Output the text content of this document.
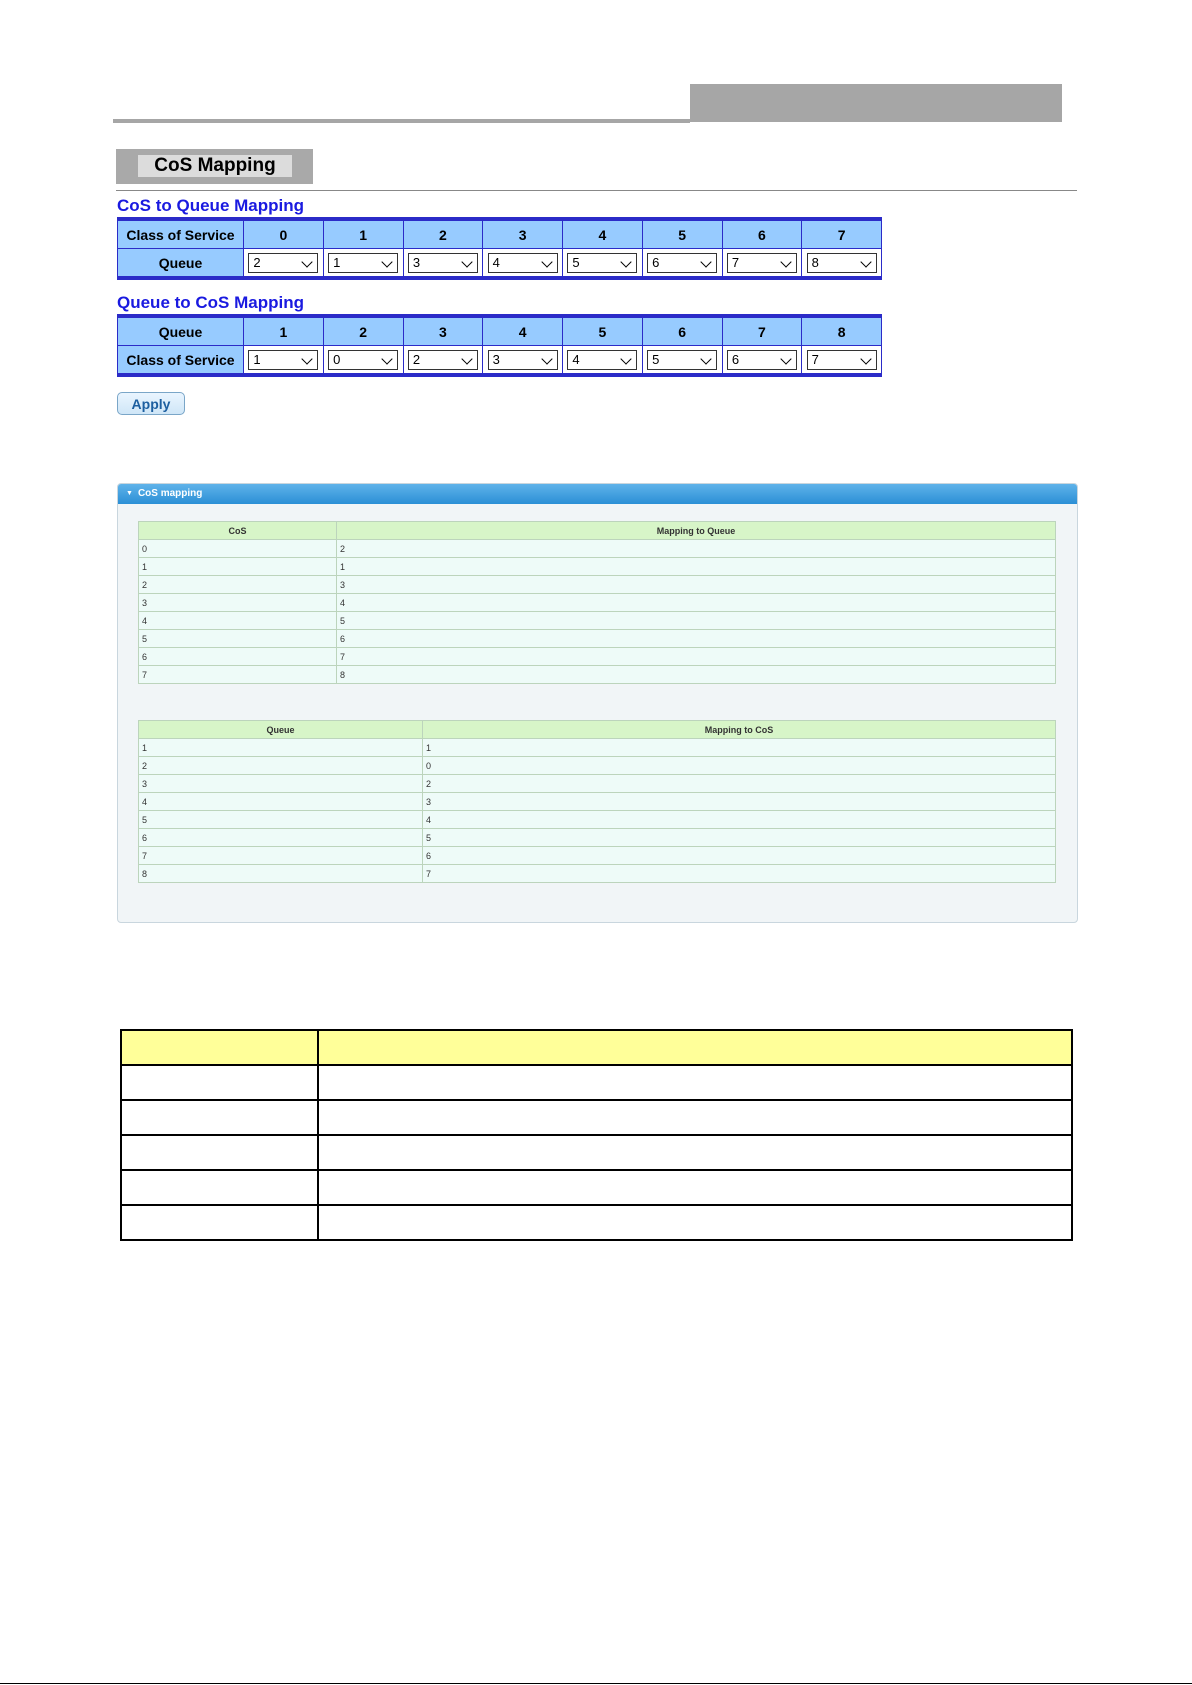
CoS Mapping
CoS to Queue Mapping
Class of Service	0	1	2	3	4	5	6	7
Queue	2	1	3	4	5	6	7	8
Queue to CoS Mapping
Queue	1	2	3	4	5	6	7	8
Class of Service	1	0	2	3	4	5	6	7
Apply
▼ CoS mapping
CoS	Mapping to Queue
0	2
1	1
2	3
3	4
4	5
5	6
6	7
7	8
Queue	Mapping to CoS
1	1
2	0
3	2
4	3
5	4
6	5
7	6
8	7
